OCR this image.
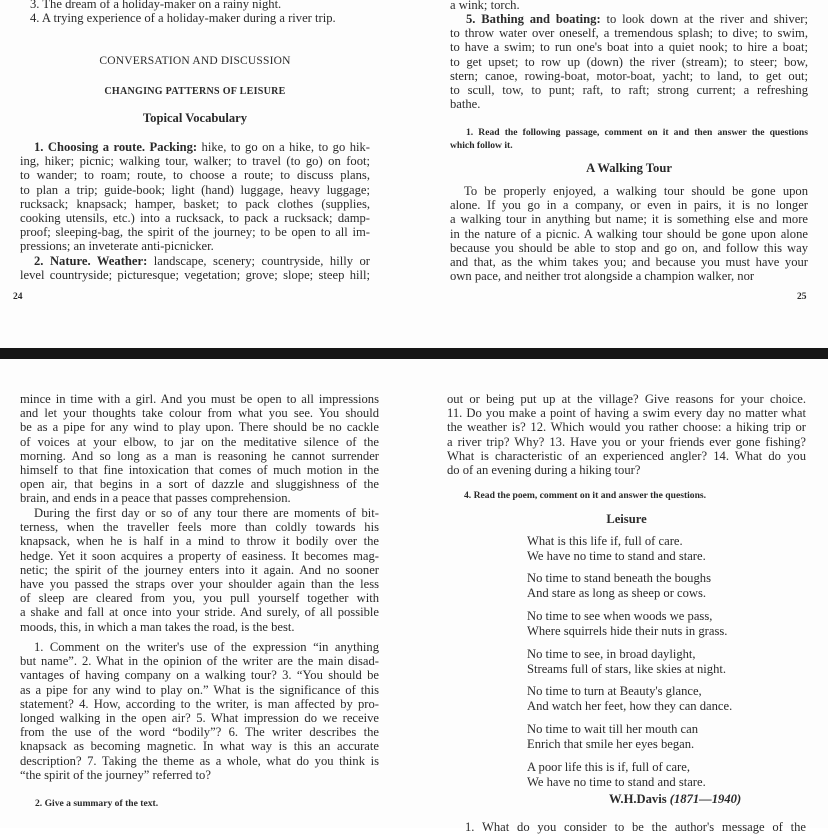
3. The dream of a holiday-maker on a rainy night.
4. A trying experience of a holiday-maker during a river trip.
CONVERSATION AND DISCUSSION
CHANGING PATTERNS OF LEISURE
Topical Vocabulary
1. Choosing a route. Packing: hike, to go on a hike, to go hik-
ing, hiker; picnic; walking tour, walker; to travel (to go) on foot;
to wander; to roam; route, to choose a route; to discuss plans,
to plan a trip; guide-book; light (hand) luggage, heavy luggage;
rucksack; knapsack; hamper, basket; to pack clothes (supplies,
cooking utensils, etc.) into a rucksack, to pack a rucksack; damp-
proof; sleeping-bag, the spirit of the journey; to be open to all im-
pressions; an inveterate anti-picnicker.
2. Nature. Weather: landscape, scenery; countryside, hilly or
level countryside; picturesque; vegetation; grove; slope; steep hill;
24
a wink; torch.
5. Bathing and boating: to look down at the river and shiver;
to throw water over oneself, a tremendous splash; to dive; to swim,
to have a swim; to run one's boat into a quiet nook; to hire a boat;
to get upset; to row up (down) the river (stream); to steer; bow,
stern; canoe, rowing-boat, motor-boat, yacht; to land, to get out;
to scull, tow, to punt; raft, to raft; strong current; a refreshing
bathe.
1. Read the following passage, comment on it and then answer the questions
which follow it.
A Walking Tour
To be properly enjoyed, a walking tour should be gone upon
alone. If you go in a company, or even in pairs, it is no longer
a walking tour in anything but name; it is something else and more
in the nature of a picnic. A walking tour should be gone upon alone
because you should be able to stop and go on, and follow this way
and that, as the whim takes you; and because you must have your
own pace, and neither trot alongside a champion walker, nor
25
mince in time with a girl. And you must be open to all impressions
and let your thoughts take colour from what you see. You should
be as a pipe for any wind to play upon. There should be no cackle
of voices at your elbow, to jar on the meditative silence of the
morning. And so long as a man is reasoning he cannot surrender
himself to that fine intoxication that comes of much motion in the
open air, that begins in a sort of dazzle and sluggishness of the
brain, and ends in a peace that passes comprehension.
During the first day or so of any tour there are moments of bit-
terness, when the traveller feels more than coldly towards his
knapsack, when he is half in a mind to throw it bodily over the
hedge. Yet it soon acquires a property of easiness. It becomes mag-
netic; the spirit of the journey enters into it again. And no sooner
have you passed the straps over your shoulder again than the less
of sleep are cleared from you, you pull yourself together with
a shake and fall at once into your stride. And surely, of all possible
moods, this, in which a man takes the road, is the best.
1. Comment on the writer's use of the expression “in anything
but name”. 2. What in the opinion of the writer are the main disad-
vantages of having company on a walking tour? 3. “You should be
as a pipe for any wind to play on.” What is the significance of this
statement? 4. How, according to the writer, is man affected by pro-
longed walking in the open air? 5. What impression do we receive
from the use of the word “bodily”? 6. The writer describes the
knapsack as becoming magnetic. In what way is this an accurate
description? 7. Taking the theme as a whole, what do you think is
“the spirit of the journey” referred to?
2. Give a summary of the text.
out or being put up at the village? Give reasons for your choice.
11. Do you make a point of having a swim every day no matter what
the weather is? 12. Which would you rather choose: a hiking trip or
a river trip? Why? 13. Have you or your friends ever gone fishing?
What is characteristic of an experienced angler? 14. What do you
do of an evening during a hiking tour?
4. Read the poem, comment on it and answer the questions.
Leisure
What is this life if, full of care.
We have no time to stand and stare.
No time to stand beneath the boughs
And stare as long as sheep or cows.
No time to see when woods we pass,
Where squirrels hide their nuts in grass.
No time to see, in broad daylight,
Streams full of stars, like skies at night.
No time to turn at Beauty's glance,
And watch her feet, how they can dance.
No time to wait till her mouth can
Enrich that smile her eyes began.
A poor life this is if, full of care,
We have no time to stand and stare.
W.H.Davis (1871—1940)
1. What do you consider to be the author's message of the
